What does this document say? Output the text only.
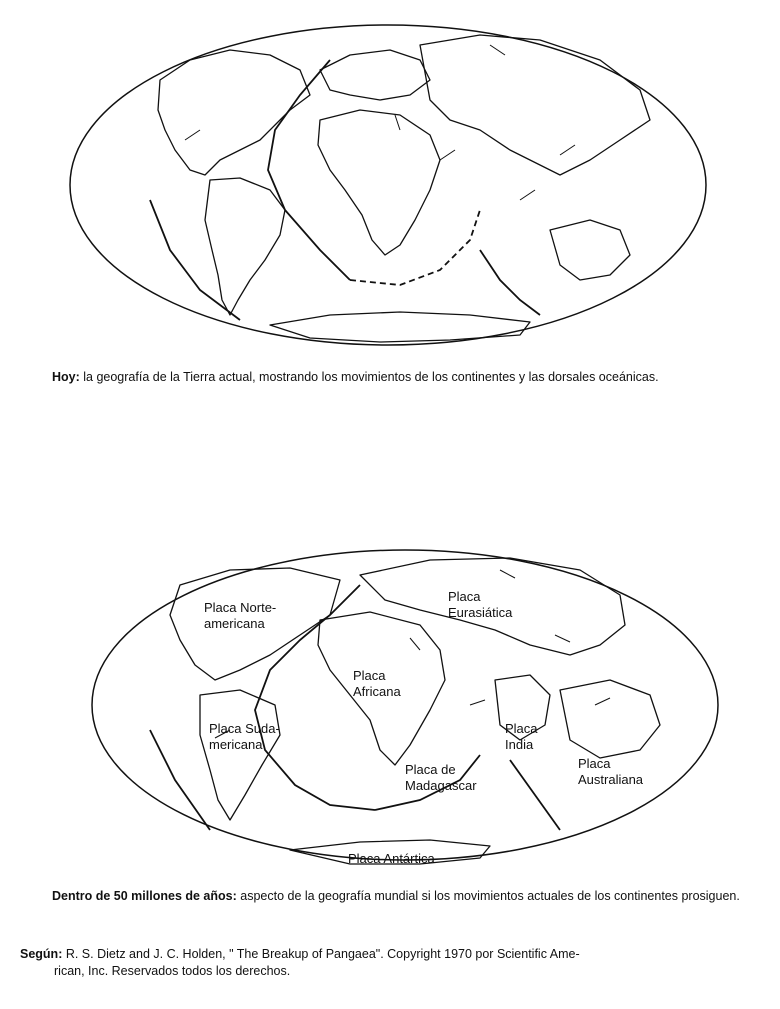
Hoy: la geografía de la Tierra actual, mostrando los movimientos de los continentes y las dorsales oceánicas.
Placa Norte-americana
Placa Eurasiática
Placa Africana
Placa Suda-mericana
Placa India
Placa de Madagascar
Placa Australiana
Placa Antártica
Dentro de 50 millones de años: aspecto de la geografía mundial si los movimientos actuales de los continentes prosiguen.
Según: R. S. Dietz and J. C. Holden, " The Breakup of Pangaea". Copyright 1970 por Scientific Ame-
rican, Inc. Reservados todos los derechos.
